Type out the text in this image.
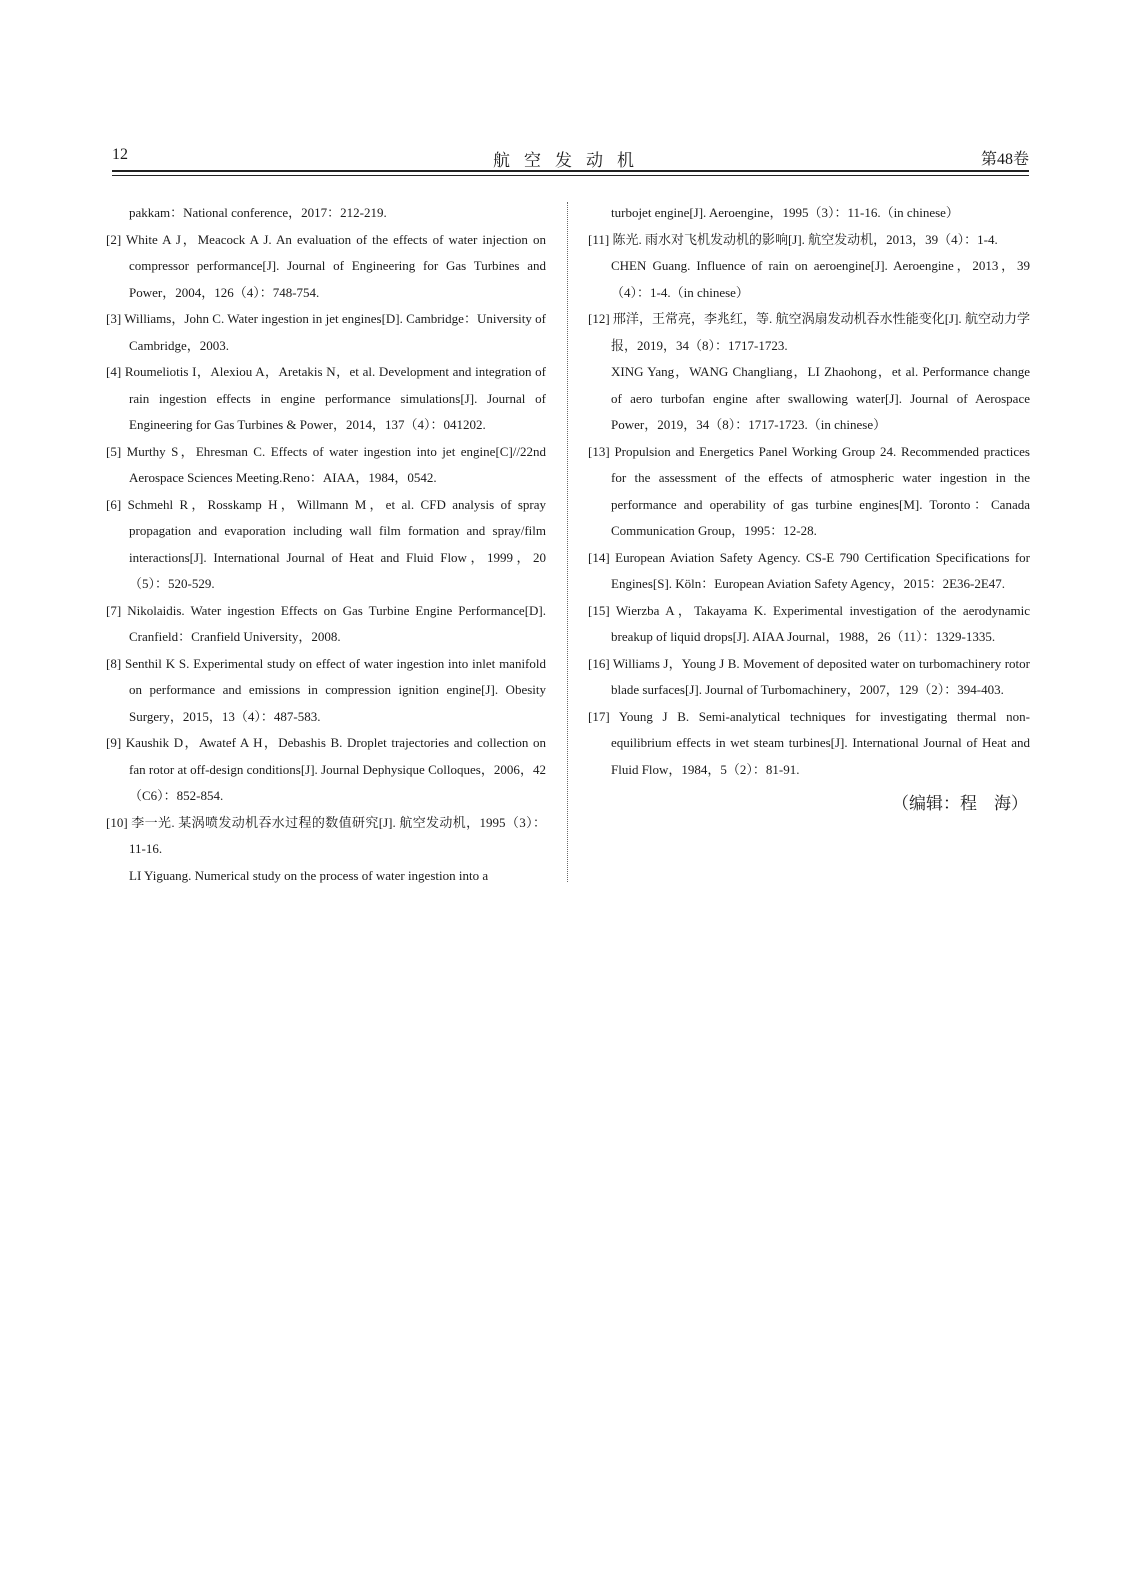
12	航空发动机	第48卷

pakkam：National conference，2017：212-219.

[2] White A J，Meacock A J. An evaluation of the effects of water injection on compressor performance[J]. Journal of Engineering for Gas Turbines and Power，2004，126（4）：748-754.

[3] Williams，John C. Water ingestion in jet engines[D]. Cambridge：University of Cambridge，2003.

[4] Roumeliotis I，Alexiou A，Aretakis N，et al. Development and integration of rain ingestion effects in engine performance simulations[J]. Journal of Engineering for Gas Turbines & Power，2014，137（4）：041202.

[5] Murthy S，Ehresman C. Effects of water ingestion into jet engine[C]//22nd Aerospace Sciences Meeting.Reno：AIAA，1984，0542.

[6] Schmehl R，Rosskamp H，Willmann M，et al. CFD analysis of spray propagation and evaporation including wall film formation and spray/film interactions[J]. International Journal of Heat and Fluid Flow，1999，20（5）：520-529.

[7] Nikolaidis. Water ingestion Effects on Gas Turbine Engine Performance[D]. Cranfield：Cranfield University，2008.

[8] Senthil K S. Experimental study on effect of water ingestion into inlet manifold on performance and emissions in compression ignition engine[J]. Obesity Surgery，2015，13（4）：487-583.

[9] Kaushik D，Awatef A H，Debashis B. Droplet trajectories and collection on fan rotor at off-design conditions[J]. Journal Dephysique Colloques，2006，42（C6）：852-854.

[10] 李一光. 某涡喷发动机吞水过程的数值研究[J]. 航空发动机，1995（3）：11-16.

LI Yiguang. Numerical study on the process of water ingestion into a

turbojet engine[J]. Aeroengine，1995（3）：11-16.（in chinese）

[11] 陈光. 雨水对飞机发动机的影响[J]. 航空发动机，2013，39（4）：1-4.

CHEN Guang. Influence of rain on aeroengine[J]. Aeroengine，2013，39（4）：1-4.（in chinese）

[12] 邢洋，王常亮，李兆红，等. 航空涡扇发动机吞水性能变化[J]. 航空动力学报，2019，34（8）：1717-1723.

XING Yang，WANG Changliang，LI Zhaohong，et al. Performance change of aero turbofan engine after swallowing water[J]. Journal of Aerospace Power，2019，34（8）：1717-1723.（in chinese）

[13] Propulsion and Energetics Panel Working Group 24. Recommended practices for the assessment of the effects of atmospheric water ingestion in the performance and operability of gas turbine engines[M]. Toronto：Canada Communication Group，1995：12-28.

[14] European Aviation Safety Agency. CS-E 790 Certification Specifications for Engines[S]. Köln：European Aviation Safety Agency，2015：2E36-2E47.

[15] Wierzba A，Takayama K. Experimental investigation of the aerodynamic breakup of liquid drops[J]. AIAA Journal，1988，26（11）：1329-1335.

[16] Williams J，Young J B. Movement of deposited water on turbomachinery rotor blade surfaces[J]. Journal of Turbomachinery，2007，129（2）：394-403.

[17] Young J B. Semi-analytical techniques for investigating thermal non-equilibrium effects in wet steam turbines[J]. International Journal of Heat and Fluid Flow，1984，5（2）：81-91.

（编辑：程　海）
